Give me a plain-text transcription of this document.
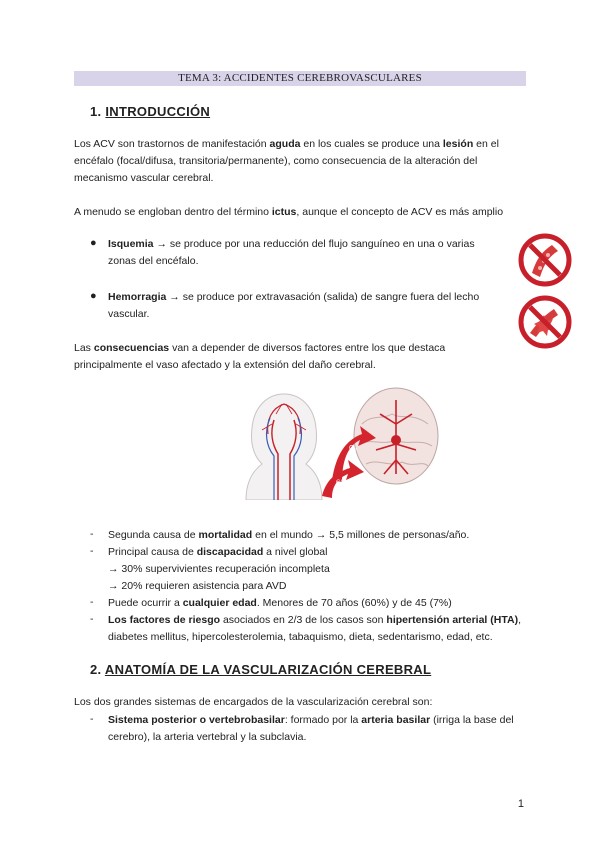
TEMA 3: ACCIDENTES CEREBROVASCULARES
1. INTRODUCCIÓN

Los ACV son trastornos de manifestación aguda en los cuales se produce una lesión en el

encéfalo (focal/difusa, transitoria/permanente), como consecuencia de la alteración del

mecanismo vascular cerebral.

A menudo se engloban dentro del término ictus, aunque el concepto de ACV es más amplio

● Isquemia → se produce por una reducción del flujo sanguíneo en una o varias

zonas del encéfalo.

● Hemorragia → se produce por extravasación (salida) de sangre fuera del lecho

vascular.

Las consecuencias van a depender de diversos factores entre los que destaca

principalmente el vaso afectado y la extensión del daño cerebral.

O₂
Glucosa
- Segunda causa de mortalidad en el mundo → 5,5 millones de personas/año.

- Principal causa de discapacidad a nivel global

→ 30% supervivientes recuperación incompleta

→ 20% requieren asistencia para AVD

- Puede ocurrir a cualquier edad. Menores de 70 años (60%) y de 45 (7%)

- Los factores de riesgo asociados en 2/3 de los casos son hipertensión arterial (HTA),

diabetes mellitus, hipercolesterolemia, tabaquismo, dieta, sedentarismo, edad, etc.

2. ANATOMÍA DE LA VASCULARIZACIÓN CEREBRAL

Los dos grandes sistemas de encargados de la vascularización cerebral son:

- Sistema posterior o vertebrobasilar: formado por la arteria basilar (irriga la base del

cerebro), la arteria vertebral y la subclavia.

1
